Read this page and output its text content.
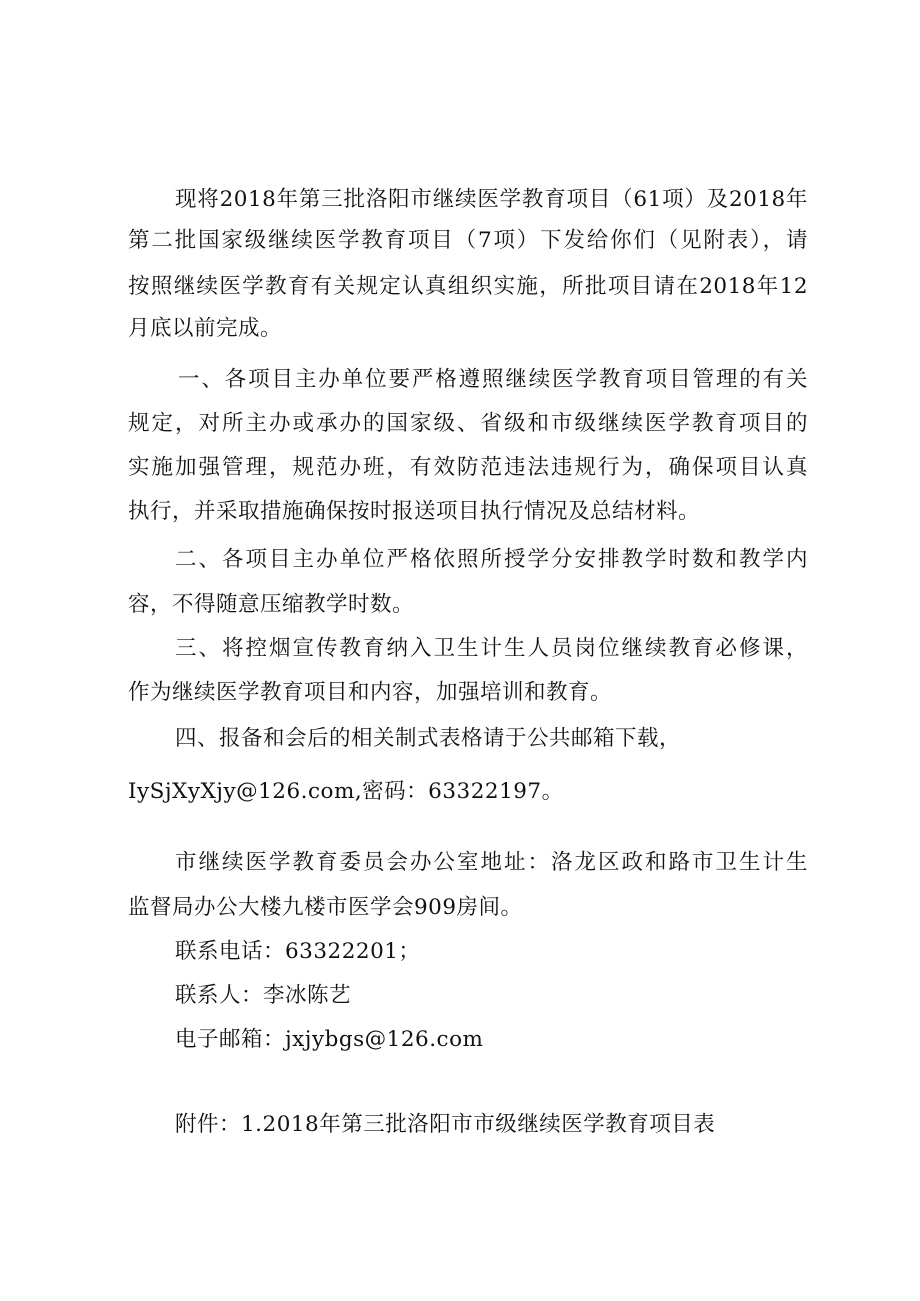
现将2018年第三批洛阳市继续医学教育项目（61项）及2018年
第二批国家级继续医学教育项目（7项）下发给你们（见附表），请
按照继续医学教育有关规定认真组织实施，所批项目请在2018年12
月底以前完成。
一、各项目主办单位要严格遵照继续医学教育项目管理的有关
规定，对所主办或承办的国家级、省级和市级继续医学教育项目的
实施加强管理，规范办班，有效防范违法违规行为，确保项目认真
执行，并采取措施确保按时报送项目执行情况及总结材料。
二、各项目主办单位严格依照所授学分安排教学时数和教学内
容，不得随意压缩教学时数。
三、将控烟宣传教育纳入卫生计生人员岗位继续教育必修课，
作为继续医学教育项目和内容，加强培训和教育。
四、报备和会后的相关制式表格请于公共邮箱下载，
IySjXyXjy@126.com,密码：63322197。
市继续医学教育委员会办公室地址：洛龙区政和路市卫生计生
监督局办公大楼九楼市医学会909房间。
联系电话：63322201；
联系人：李冰陈艺
电子邮箱：jxjybgs@126.com
附件：1.2018年第三批洛阳市市级继续医学教育项目表
